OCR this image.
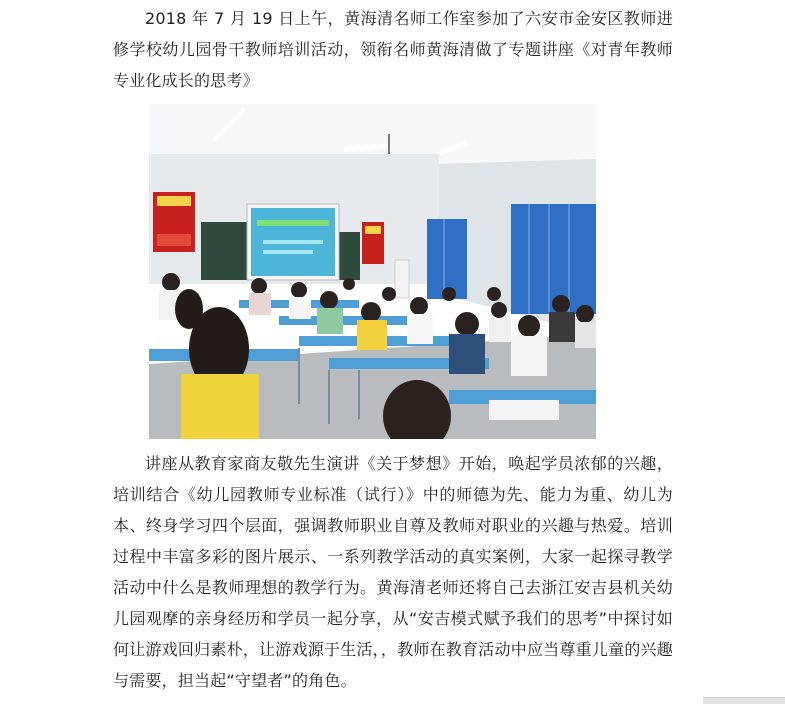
2018 年 7 月 19 日上午，黄海清名师工作室参加了六安市金安区教师进修学校幼儿园骨干教师培训活动，领衔名师黄海清做了专题讲座《对青年教师专业化成长的思考》

讲座从教育家商友敬先生演讲《关于梦想》开始，唤起学员浓郁的兴趣，培训结合《幼儿园教师专业标准（试行）》中的师德为先、能力为重、幼儿为本、终身学习四个层面，强调教师职业自尊及教师对职业的兴趣与热爱。培训过程中丰富多彩的图片展示、一系列教学活动的真实案例，大家一起探寻教学活动中什么是教师理想的教学行为。黄海清老师还将自己去浙江安吉县机关幼儿园观摩的亲身经历和学员一起分享，从“安吉模式赋予我们的思考”中探讨如何让游戏回归素朴，让游戏源于生活，，教师在教育活动中应当尊重儿童的兴趣与需要，担当起“守望者”的角色。
